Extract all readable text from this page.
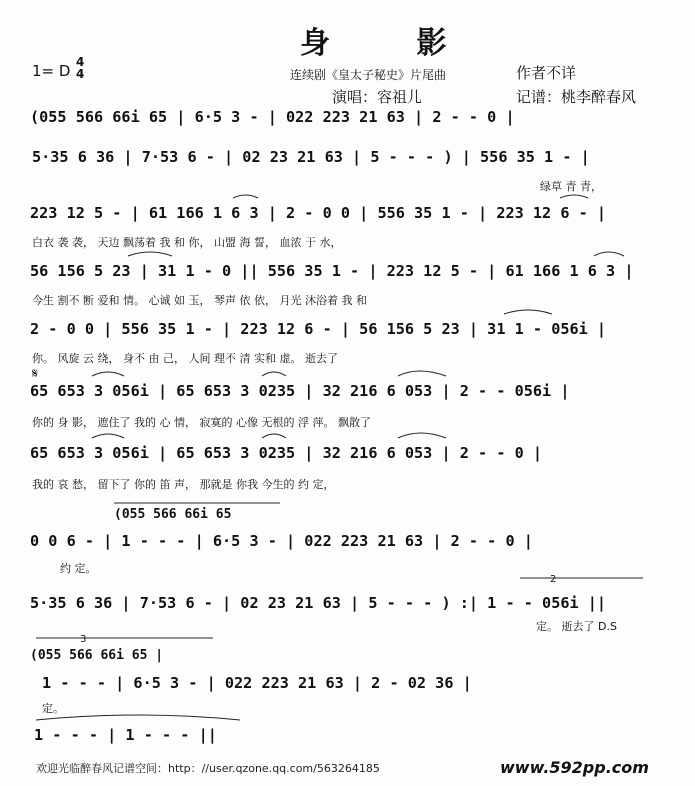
身 影
1= D 4
4	连续剧《皇太子秘史》片尾曲	作者不详
演唱：容祖儿	记谱：桃李醉春风
(055 566 66i 65 | 6·5 3 - | 022 223 21 63 | 2 - - 0 |
5·35 6 36 | 7·53 6 - | 02 23 21 63 | 5 - - - ) | 556 35 1 - |
绿草 青 青，
223 12 5 - | 61 166 1 6 3 | 2 - 0 0 | 556 35 1 - | 223 12 6 - |
白衣 袭 袭， 天边 飘荡着 我 和 你， 山盟 海 誓， 血浓 于 水，
56 156 5 23 | 31 1 - 0 || 556 35 1 - | 223 12 5 - | 61 166 1 6 3 |
今生 割不 断 爱和 情。 心诚 如 玉， 琴声 依 依， 月光 沐浴着 我 和
𝄋
2 - 0 0 | 556 35 1 - | 223 12 6 - | 56 156 5 23 | 31 1 - 056i |
你。 风旋 云 绕， 身不 由 己， 人间 理不 清 实和 虚。 逝去了
65 653 3 056i | 65 653 3 0235 | 32 216 6 053 | 2 - - 056i |
你的 身 影， 遮住了 我的 心 情， 寂寞的 心像 无根的 浮 萍。 飘散了
65 653 3 056i | 65 653 3 0235 | 32 216 6 053 | 2 - - 0 |
我的 哀 愁， 留下了 你的 笛 声， 那就是 你我 今生的 约 定，
(055 566 66i 65
0 0 6 - | 1 - - - | 6·5 3 - | 022 223 21 63 | 2 - - 0 |
约 定。
2
5·35 6 36 | 7·53 6 - | 02 23 21 63 | 5 - - - ) :| 1 - - 056i ||
定。 逝去了 D.S
3
(055 566 66i 65 |
1 - - - | 6·5 3 - | 022 223 21 63 | 2 - 02 36 |
定。
1 - - - | 1 - - - ||
欢迎光临醉春风记谱空间：http：//user.qzone.qq.com/563264185	www.592pp.com
